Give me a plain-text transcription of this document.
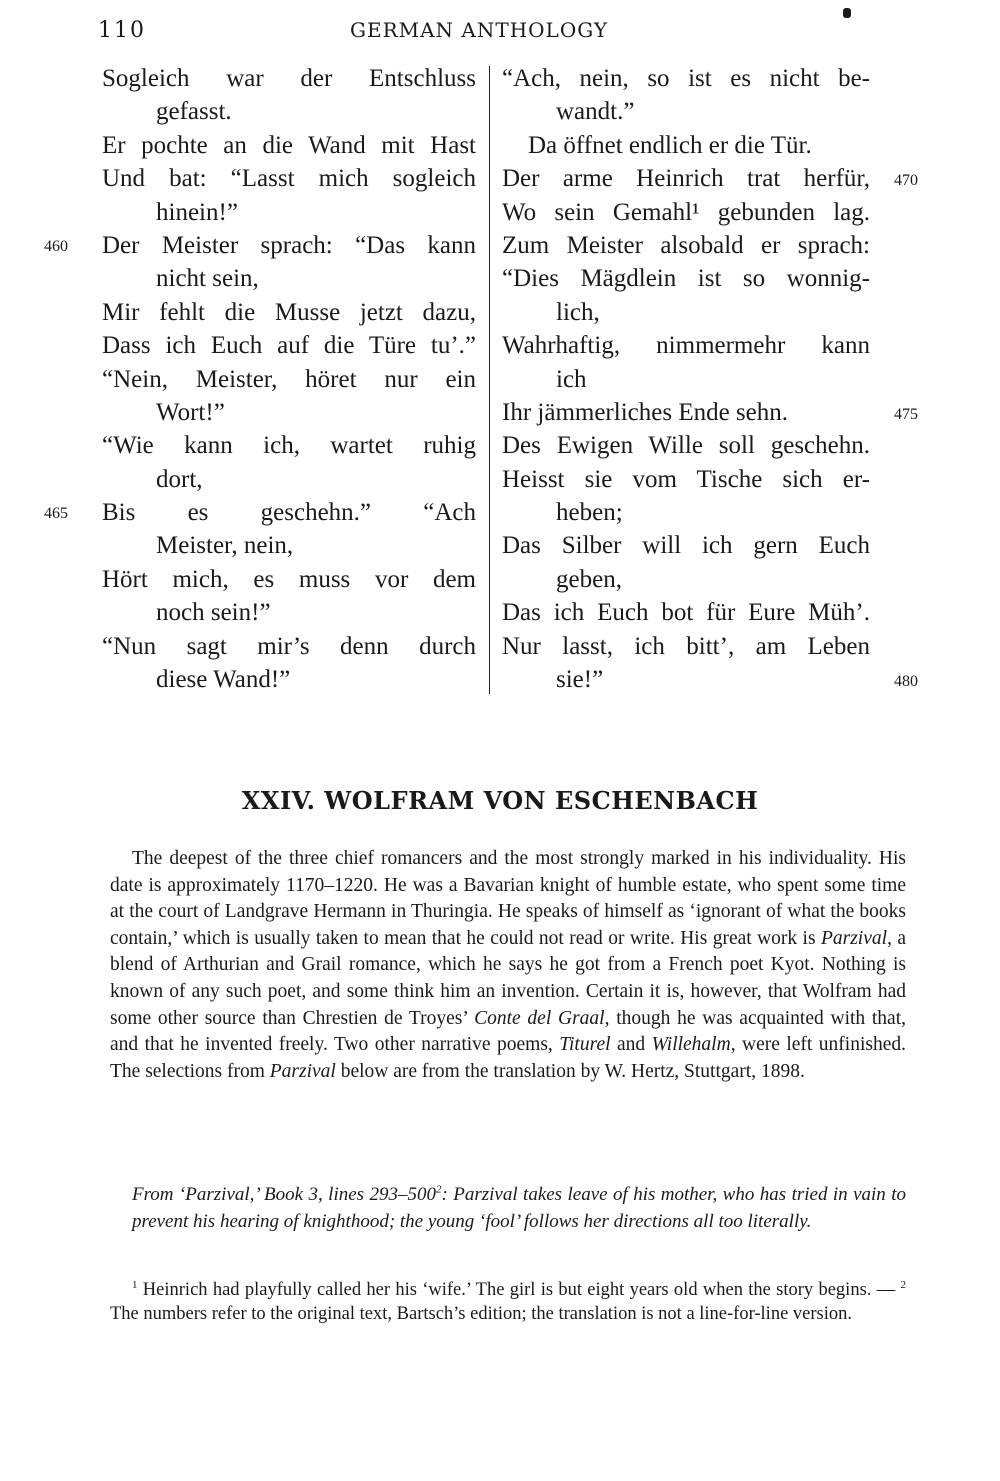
110	GERMAN ANTHOLOGY
Sogleich war der Entschluss
gefasst.
Er pochte an die Wand mit Hast
Und bat: “Lasst mich sogleich
hinein!”
Der Meister sprach: “Das kann
460
nicht sein,
Mir fehlt die Musse jetzt dazu,
Dass ich Euch auf die Türe tu’.”
“Nein, Meister, höret nur ein
Wort!”
“Wie kann ich, wartet ruhig
dort,
Bis es geschehn.” “Ach
465
Meister, nein,
Hört mich, es muss vor dem
noch sein!”
“Nun sagt mir’s denn durch
diese Wand!”
“Ach, nein, so ist es nicht be-
wandt.”
Da öffnet endlich er die Tür.
Der arme Heinrich trat herfür, 470
Wo sein Gemahl¹ gebunden lag.
Zum Meister alsobald er sprach:
“Dies Mägdlein ist so wonnig-
lich,
Wahrhaftig, nimmermehr kann
ich
Ihr jämmerliches Ende sehn.	475
Des Ewigen Wille soll geschehn.
Heisst sie vom Tische sich er-
heben;
Das Silber will ich gern Euch
geben,
Das ich Euch bot für Eure Müh’.
Nur lasst, ich bitt’, am Leben
sie!”	480
XXIV. WOLFRAM VON ESCHENBACH

The deepest of the three chief romancers and the most strongly marked in his individuality. His date is approximately 1170–1220. He was a Bavarian knight of humble estate, who spent some time at the court of Landgrave Hermann in Thuringia. He speaks of himself as ‘ignorant of what the books contain,’ which is usually taken to mean that he could not read or write. His great work is Parzival, a blend of Arthurian and Grail romance, which he says he got from a French poet Kyot. Nothing is known of any such poet, and some think him an invention. Certain it is, however, that Wolfram had some other source than Chrestien de Troyes’ Conte del Graal, though he was acquainted with that, and that he invented freely. Two other narrative poems, Titurel and Willehalm, were left unfinished. The selections from Parzival below are from the translation by W. Hertz, Stuttgart, 1898.

From ‘Parzival,’ Book 3, lines $293-500^2$: Parzival takes leave of his mother, who has tried in vain to prevent his hearing of knighthood; the young ‘fool’ follows her directions all too literally.

$^1$ Heinrich had playfully called her his ‘wife.’ The girl is but eight years old when the story begins. — $^2$ The numbers refer to the original text, Bartsch’s edition; the translation is not a line-for-line version.
